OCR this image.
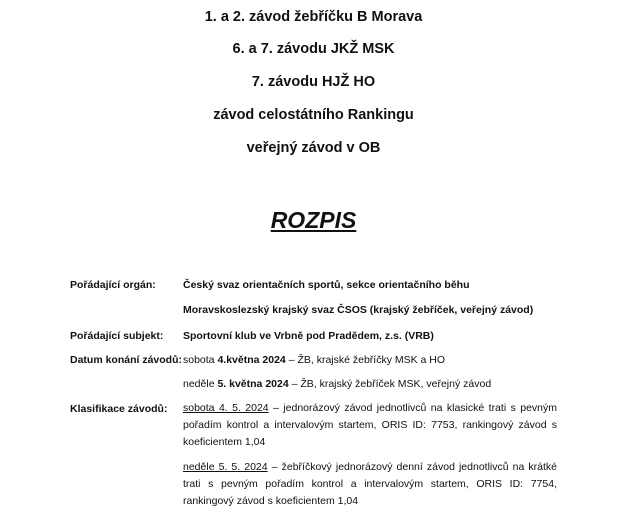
1. a 2. závod žebříčku B Morava
6. a 7. závodu JKŽ MSK
7. závodu HJŽ HO
závod celostátního Rankingu
veřejný závod v OB
ROZPIS
Pořádající orgán:	Český svaz orientačních sportů, sekce orientačního běhu
Moravskoslezský krajský svaz ČSOS (krajský žebříček, veřejný závod)
Pořádající subjekt: Sportovní klub ve Vrbně pod Pradědem, z.s. (VRB)
Datum konání závodů: sobota 4.května 2024 – ŽB, krajské žebříčky MSK a HO
neděle 5. května 2024 – ŽB, krajský žebříček MSK, veřejný závod
Klasifikace závodů: sobota 4. 5. 2024 – jednorázový závod jednotlivců na klasické trati s pevným pořadím kontrol a intervalovým startem, ORIS ID: 7753, rankingový závod s koeficientem 1,04
neděle 5. 5. 2024 – žebříčkový jednorázový denní závod jednotlivců na krátké trati s pevným pořadím kontrol a intervalovým startem, ORIS ID: 7754, rankingový závod s koeficientem 1,04
